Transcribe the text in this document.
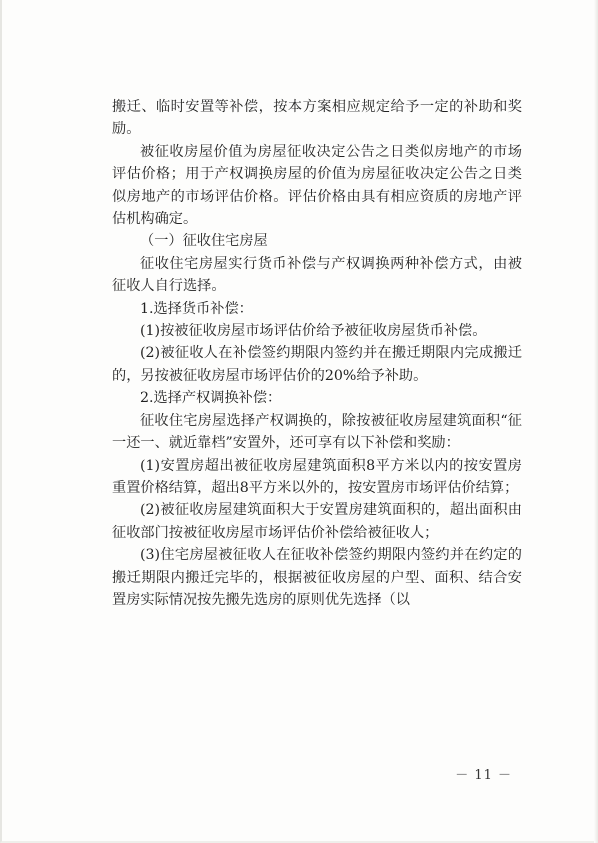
搬迁、临时安置等补偿，按本方案相应规定给予一定的补助和奖励。

被征收房屋价值为房屋征收决定公告之日类似房地产的市场评估价格；用于产权调换房屋的价值为房屋征收决定公告之日类似房地产的市场评估价格。评估价格由具有相应资质的房地产评估机构确定。

（一）征收住宅房屋

征收住宅房屋实行货币补偿与产权调换两种补偿方式，由被征收人自行选择。

1.选择货币补偿：

(1)按被征收房屋市场评估价给予被征收房屋货币补偿。

(2)被征收人在补偿签约期限内签约并在搬迁期限内完成搬迁的，另按被征收房屋市场评估价的20%给予补助。

2.选择产权调换补偿：

征收住宅房屋选择产权调换的，除按被征收房屋建筑面积“征一还一、就近靠档”安置外，还可享有以下补偿和奖励：

(1)安置房超出被征收房屋建筑面积8平方米以内的按安置房重置价格结算，超出8平方米以外的，按安置房市场评估价结算；

(2)被征收房屋建筑面积大于安置房建筑面积的，超出面积由征收部门按被征收房屋市场评估价补偿给被征收人；

(3)住宅房屋被征收人在征收补偿签约期限内签约并在约定的搬迁期限内搬迁完毕的，根据被征收房屋的户型、面积、结合安置房实际情况按先搬先选房的原则优先选择（以

－ 11 －
